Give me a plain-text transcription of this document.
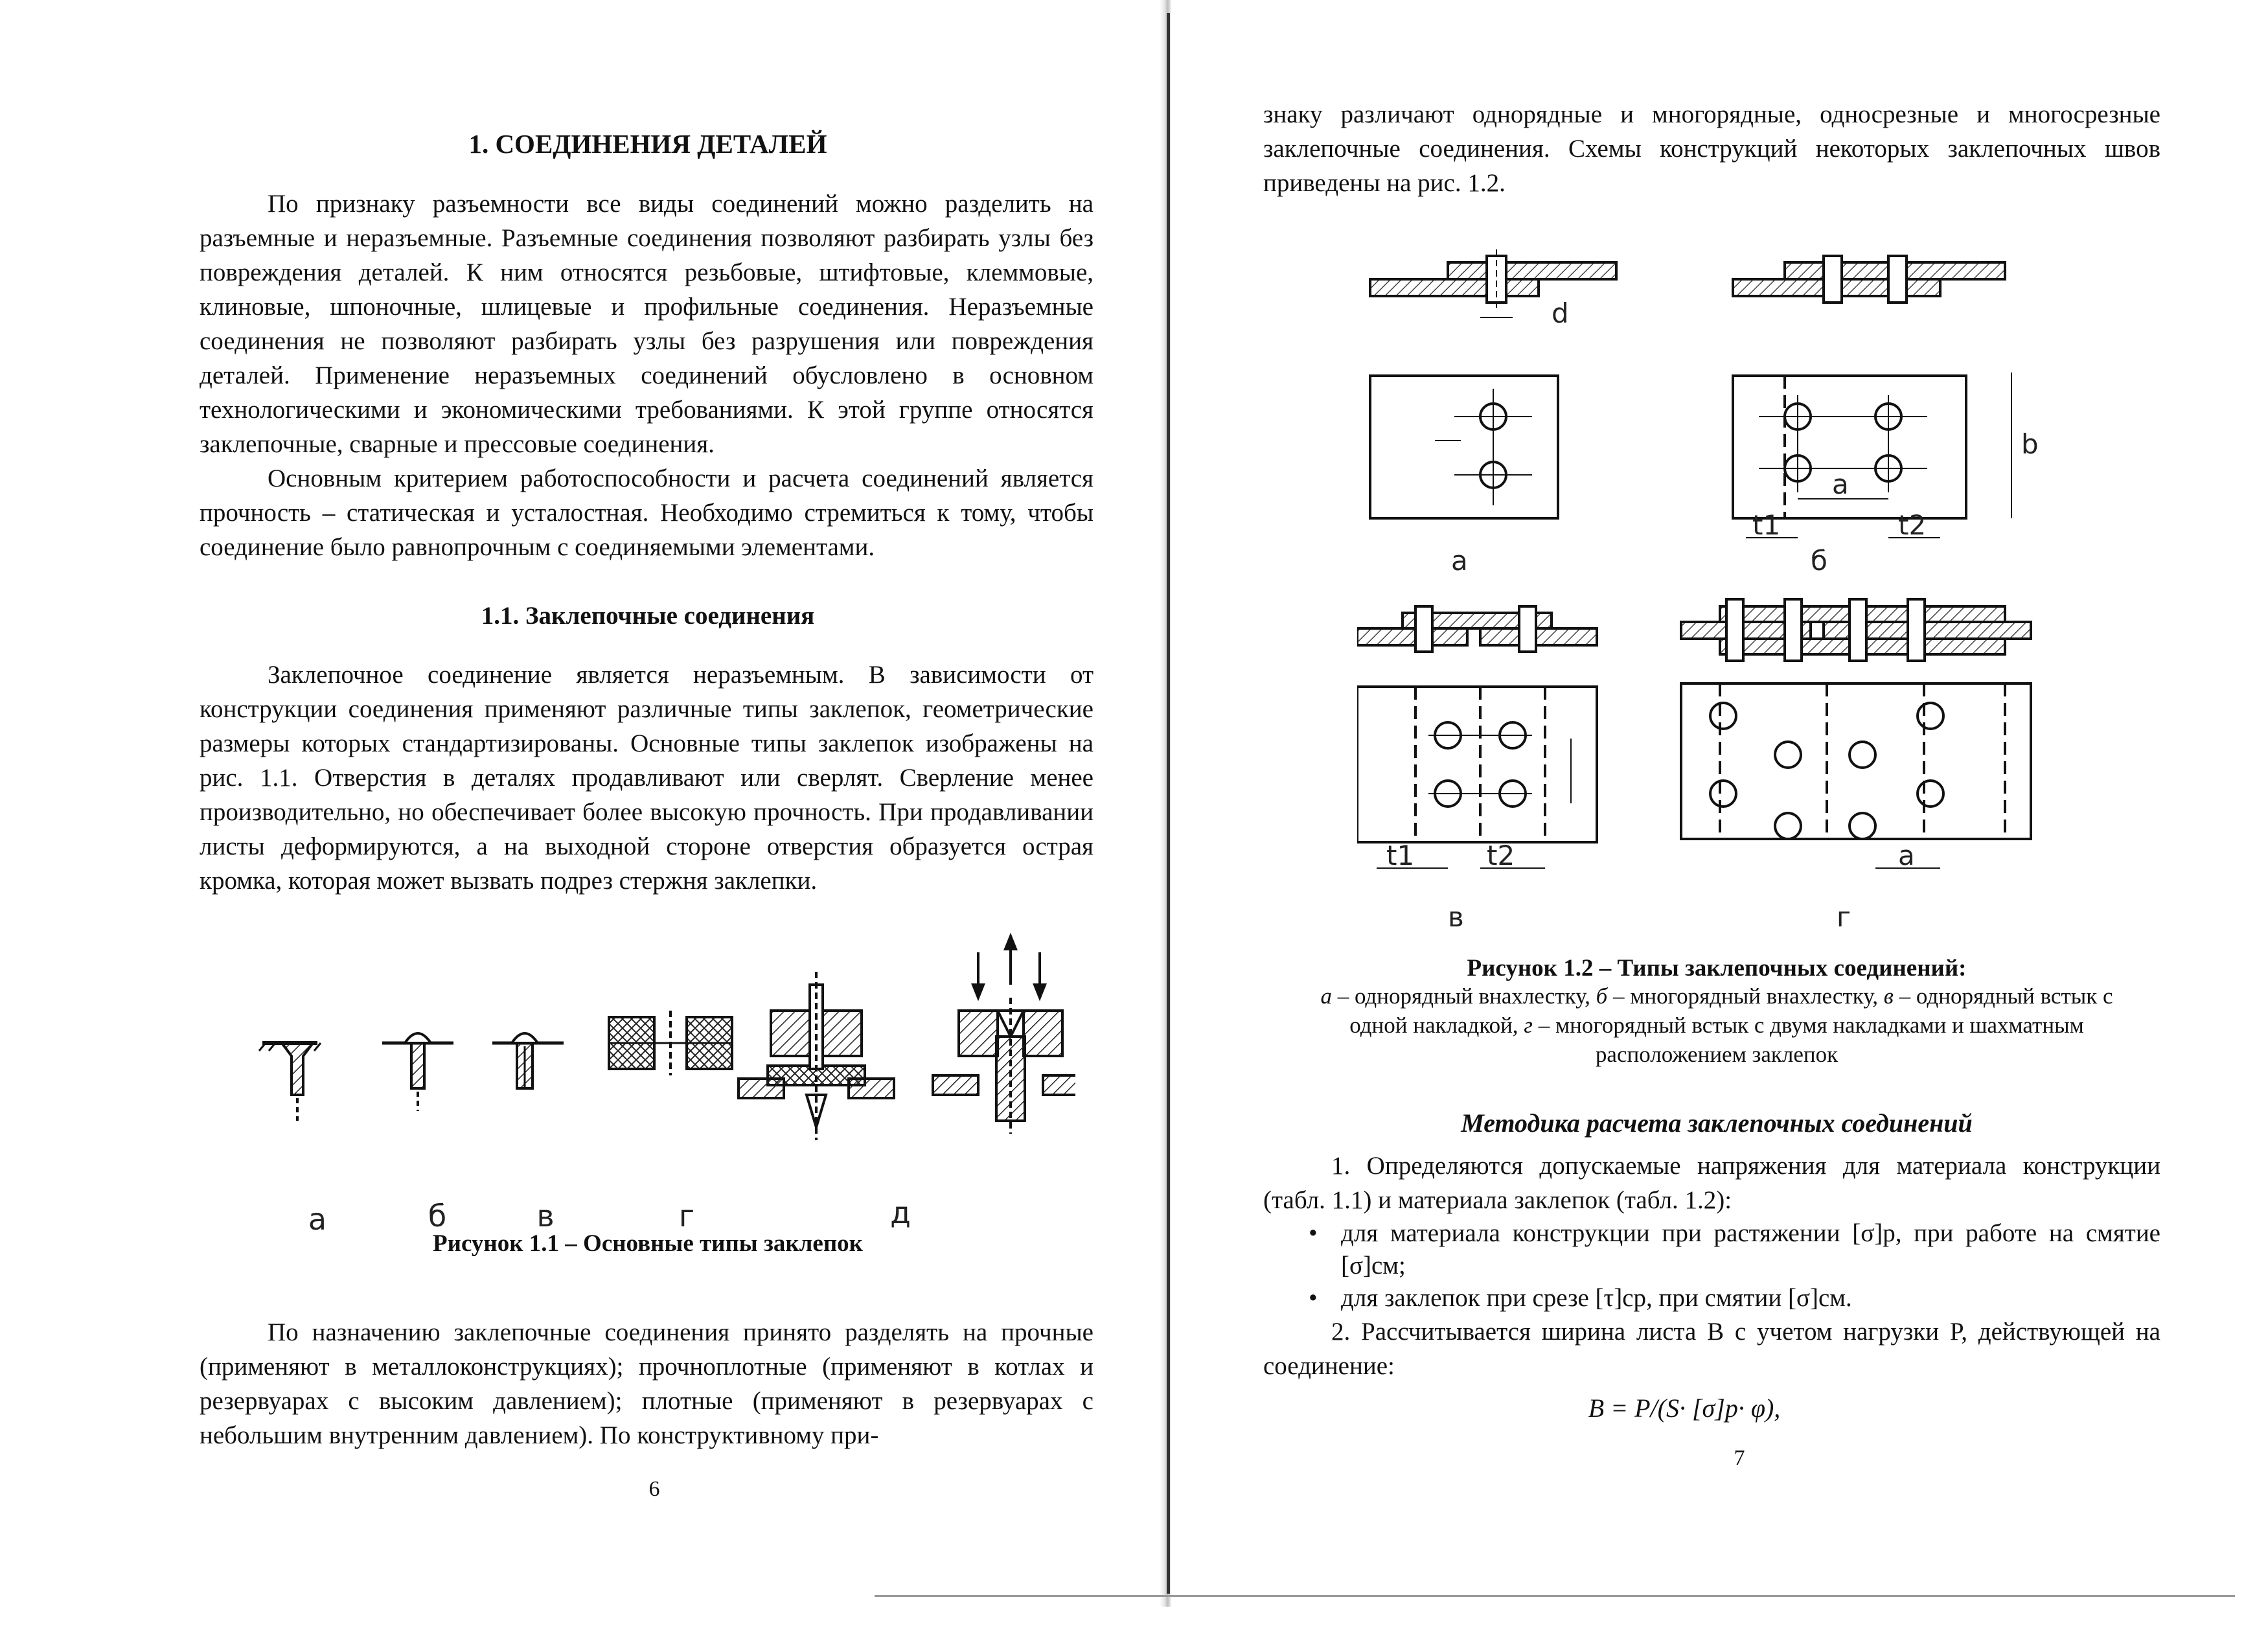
1. СОЕДИНЕНИЯ ДЕТАЛЕЙ

По признаку разъемности все виды соединений можно разделить на разъемные и неразъемные. Разъемные соединения позволяют разбирать узлы без повреждения деталей. К ним относятся резьбовые, штифтовые, клеммовые, клиновые, шпоночные, шлицевые и профильные соединения. Неразъемные соединения не позволяют разбирать узлы без разрушения или повреждения деталей. Применение неразъемных соединений обусловлено в основном технологическими и экономическими требованиями. К этой группе относятся заклепочные, сварные и прессовые соединения.

Основным критерием работоспособности и расчета соединений является прочность – статическая и усталостная. Необходимо стремиться к тому, чтобы соединение было равнопрочным с соединяемыми элементами.

1.1. Заклепочные соединения

Заклепочное соединение является неразъемным. В зависимости от конструкции соединения применяют различные типы заклепок, геометрические размеры которых стандартизированы. Основные типы заклепок изображены на рис. 1.1. Отверстия в деталях продавливают или сверлят. Сверление менее производительно, но обеспечивает более высокую прочность. При продавливании листы деформируются, а на выходной стороне отверстия образуется острая кромка, которая может вызвать подрез стержня заклепки.

а	б	в	г	д
Рисунок 1.1 – Основные типы заклепок

По назначению заклепочные соединения принято разделять на прочные (применяют в металлоконструкциях); прочноплотные (применяют в котлах и резервуарах с высоким давлением); плотные (применяют в резервуарах с небольшим внутренним давлением). По конструктивному при-

6

знаку различают однорядные и многорядные, односрезные и многосрезные заклепочные соединения. Схемы конструкций некоторых заклепочных швов приведены на рис. 1.2.

d
а
a
b
t1	t2
б
t1	t2
в
a
г
Рисунок 1.2 – Типы заклепочных соединений:
а – однорядный внахлестку, б – многорядный внахлестку, в – однорядный встык с одной накладкой, г – многорядный встык с двумя накладками и шахматным расположением заклепок
Методика расчета заклепочных соединений

1. Определяются допускаемые напряжения для материала конструкции (табл. 1.1) и материала заклепок (табл. 1.2):

• для материала конструкции при растяжении [σ]р, при работе на смятие [σ]см;
• для заклепок при срезе [τ]ср, при смятии [σ]см.

2. Рассчитывается ширина листа B с учетом нагрузки P, действующей на соединение:

B = P/(S· [σ]р· φ),
7
